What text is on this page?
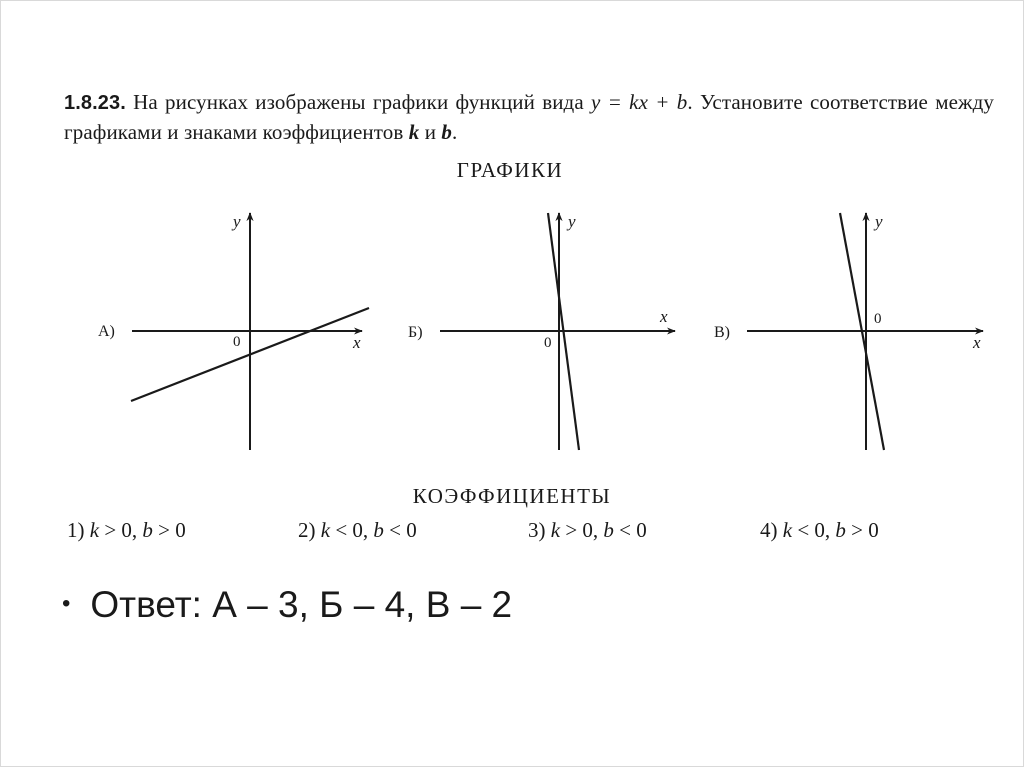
1.8.23. На рисунках изображены графики функций вида y = kx + b. Установите соответствие между графиками и знаками коэффициентов k и b.
ГРАФИКИ
А)
x
y
0
Б)
x
y
0
В)
x
y
0
КОЭФФИЦИЕНТЫ
1) k > 0, b > 0	2) k < 0, b < 0	3) k > 0, b < 0	4) k < 0, b > 0
• Ответ: А – 3, Б – 4, В – 2
